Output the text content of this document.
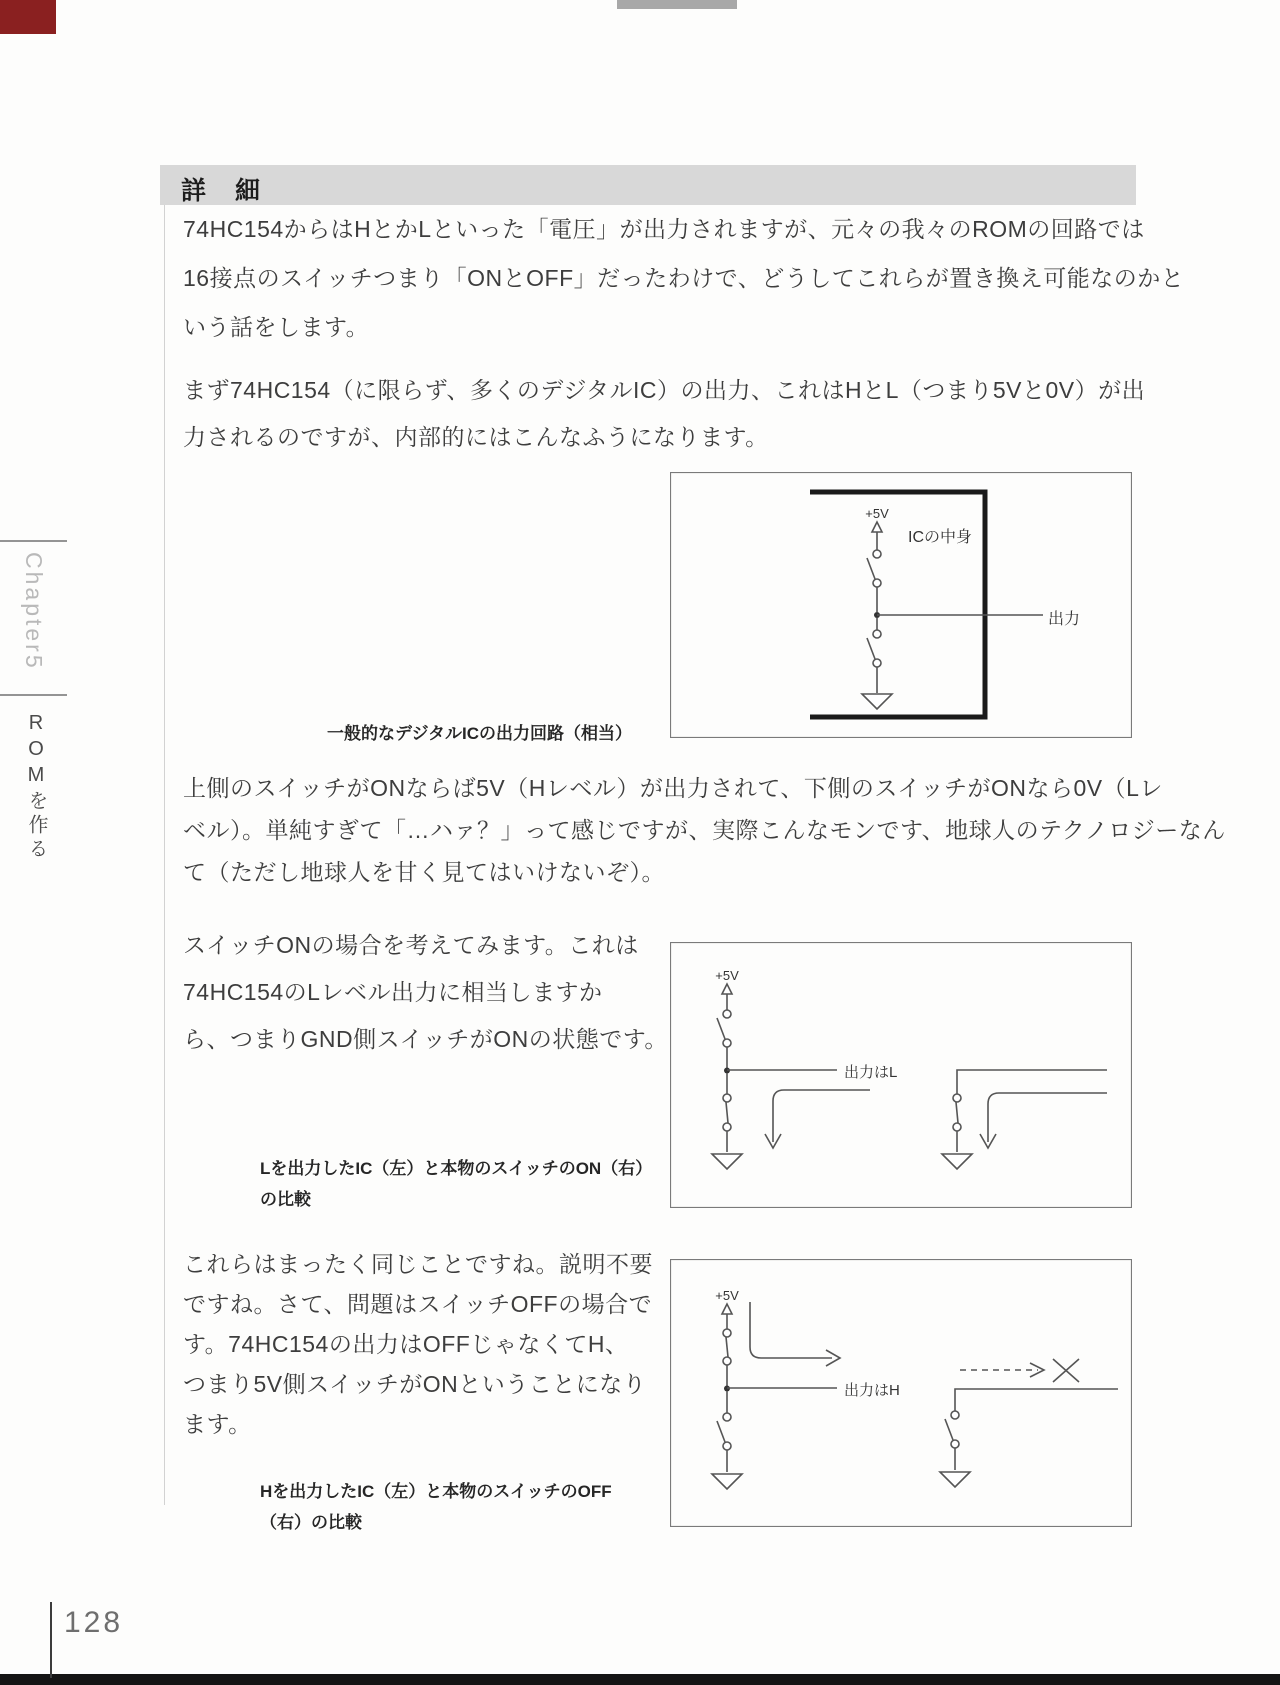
Chapter5
ROMを作る
128
詳　細
74HC154からはHとかLといった「電圧」が出力されますが、元々の我々のROMの回路では
16接点のスイッチつまり「ONとOFF」だったわけで、どうしてこれらが置き換え可能なのかと
いう話をします。
まず74HC154（に限らず、多くのデジタルIC）の出力、これはHとL（つまり5Vと0V）が出
力されるのですが、内部的にはこんなふうになります。
+5V
ICの中身
出力
一般的なデジタルICの出力回路（相当）
上側のスイッチがONならば5V（Hレベル）が出力されて、下側のスイッチがONなら0V（Lレ
ベル）。単純すぎて「…ハァ？」って感じですが、実際こんなモンです、地球人のテクノロジーなん
て（ただし地球人を甘く見てはいけないぞ）。
スイッチONの場合を考えてみます。これは
74HC154のLレベル出力に相当しますか
ら、つまりGND側スイッチがONの状態です。
+5V
出力はL
Lを出力したIC（左）と本物のスイッチのON（右）
の比較
これらはまったく同じことですね。説明不要
ですね。さて、問題はスイッチOFFの場合で
す。74HC154の出力はOFFじゃなくてH、
つまり5V側スイッチがONということになり
ます。
+5V
出力はH
Hを出力したIC（左）と本物のスイッチのOFF
（右）の比較
